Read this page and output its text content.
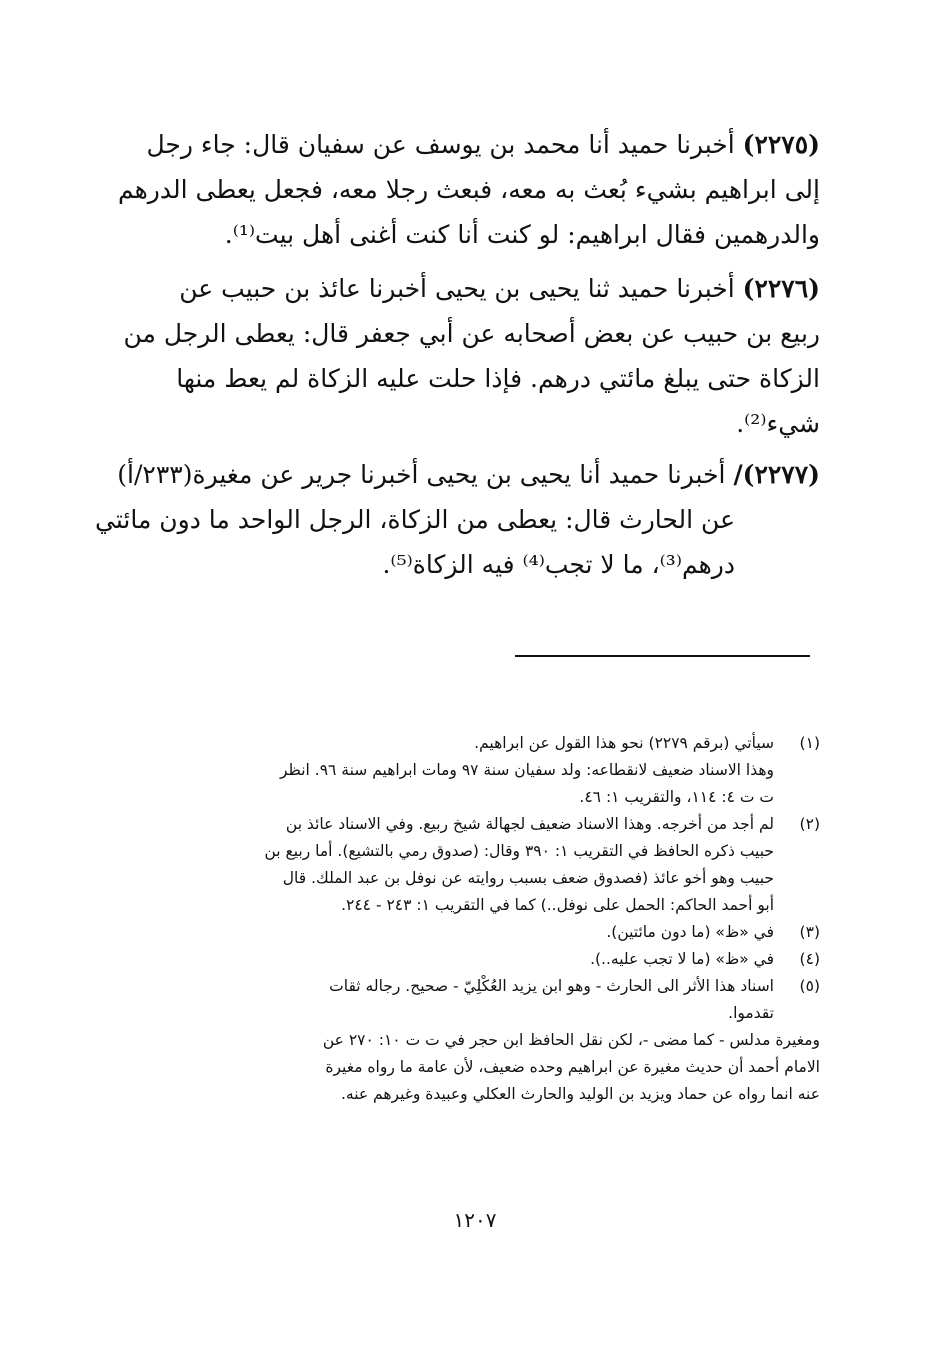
(٢٢٧٥) أخبرنا حميد أنا محمد بن يوسف عن سفيان قال: جاء رجل
إلى ابراهيم بشيء بُعث به معه، فبعث رجلا معه، فجعل يعطى الدرهم
والدرهمين فقال ابراهيم: لو كنت أنا كنت أغنى أهل بيت⁽¹⁾.
(٢٢٧٦) أخبرنا حميد ثنا يحيى بن يحيى أخبرنا عائذ بن حبيب عن
ربيع بن حبيب عن بعض أصحابه عن أبي جعفر قال: يعطى الرجل من
الزكاة حتى يبلغ مائتي درهم. فإذا حلت عليه الزكاة لم يعط منها
شيء⁽²⁾.
(٢٢٧٧)/ أخبرنا حميد أنا يحيى بن يحيى أخبرنا جرير عن مغيرة(٢٣٣/أ)
عن الحارث قال: يعطى من الزكاة، الرجل الواحد ما دون مائتي
درهم⁽³⁾، ما لا تجب⁽⁴⁾ فيه الزكاة⁽⁵⁾.
(١)
سيأتي (برقم ٢٢٧٩) نحو هذا القول عن ابراهيم.
وهذا الاسناد ضعيف لانقطاعه: ولد سفيان سنة ٩٧ ومات ابراهيم سنة ٩٦. انظر
ت ت ٤: ١١٤، والتقريب ١: ٤٦.
(٢)
لم أجد من أخرجه. وهذا الاسناد ضعيف لجهالة شيخ ربيع. وفي الاسناد عائذ بن
حبيب ذكره الحافظ في التقريب ١: ٣٩٠ وقال: (صدوق رمي بالتشيع). أما ربيع بن
حبيب وهو أخو عائذ (فصدوق ضعف بسبب روايته عن نوفل بن عبد الملك. قال
أبو أحمد الحاكم: الحمل على نوفل..) كما في التقريب ١: ٢٤٣ - ٢٤٤.
(٣)
في «ظ» (ما دون مائتين).
(٤)
في «ظ» (ما لا تجب عليه..).
(٥)
اسناد هذا الأثر الى الحارث - وهو ابن يزيد العُكْلِيّ - صحيح. رجاله ثقات
تقدموا.
ومغيرة مدلس - كما مضى -، لكن نقل الحافظ ابن حجر في ت ت ١٠: ٢٧٠ عن
الامام أحمد أن حديث مغيرة عن ابراهيم وحده ضعيف، لأن عامة ما رواه مغيرة
عنه انما رواه عن حماد ويزيد بن الوليد والحارث العكلي وعبيدة وغيرهم عنه.
١٢٠٧
